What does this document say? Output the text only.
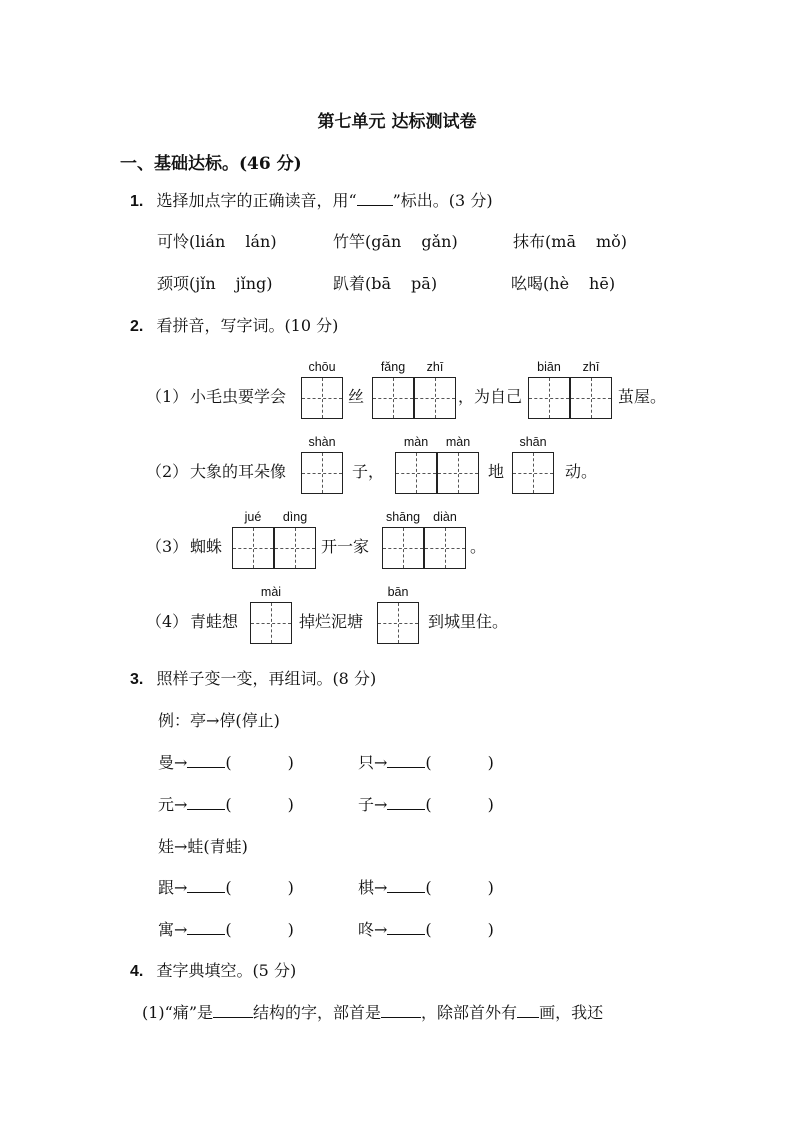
第七单元 达标测试卷
一、基础达标。(46 分)
1. 选择加点字的正确读音，用“ ”标出。(3 分)
可怜(lián lán)	竹竿(gān gǎn)	抹布(mā mǒ)
颈项(jǐn jǐng)	趴着(bā pā)	吆喝(hè hē)
2. 看拼音，写字词。(10 分)
（1） 小毛虫要学会
chōu
丝
fǎng	zhī
，为自己
biān	zhī
茧屋。
（2） 大象的耳朵像
shàn
子，
màn	màn
地
shān
动。
（3） 蜘蛛
jué	dìng
开一家
shāng	diàn
。
（4） 青蛙想
mài
掉烂泥塘
bān
到城里住。
3. 照样子变一变，再组词。(8 分)
例：亭→停(停止)
曼→ (	)	只→ (	)
元→ (	)	子→ (	)
娃→蛙(青蛙)
跟→ (	)	棋→ (	)
寓→ (	)	咚→ (	)
4. 查字典填空。(5 分)
(1)“痛”是	结构的字，部首是	，除部首外有 画，我还
